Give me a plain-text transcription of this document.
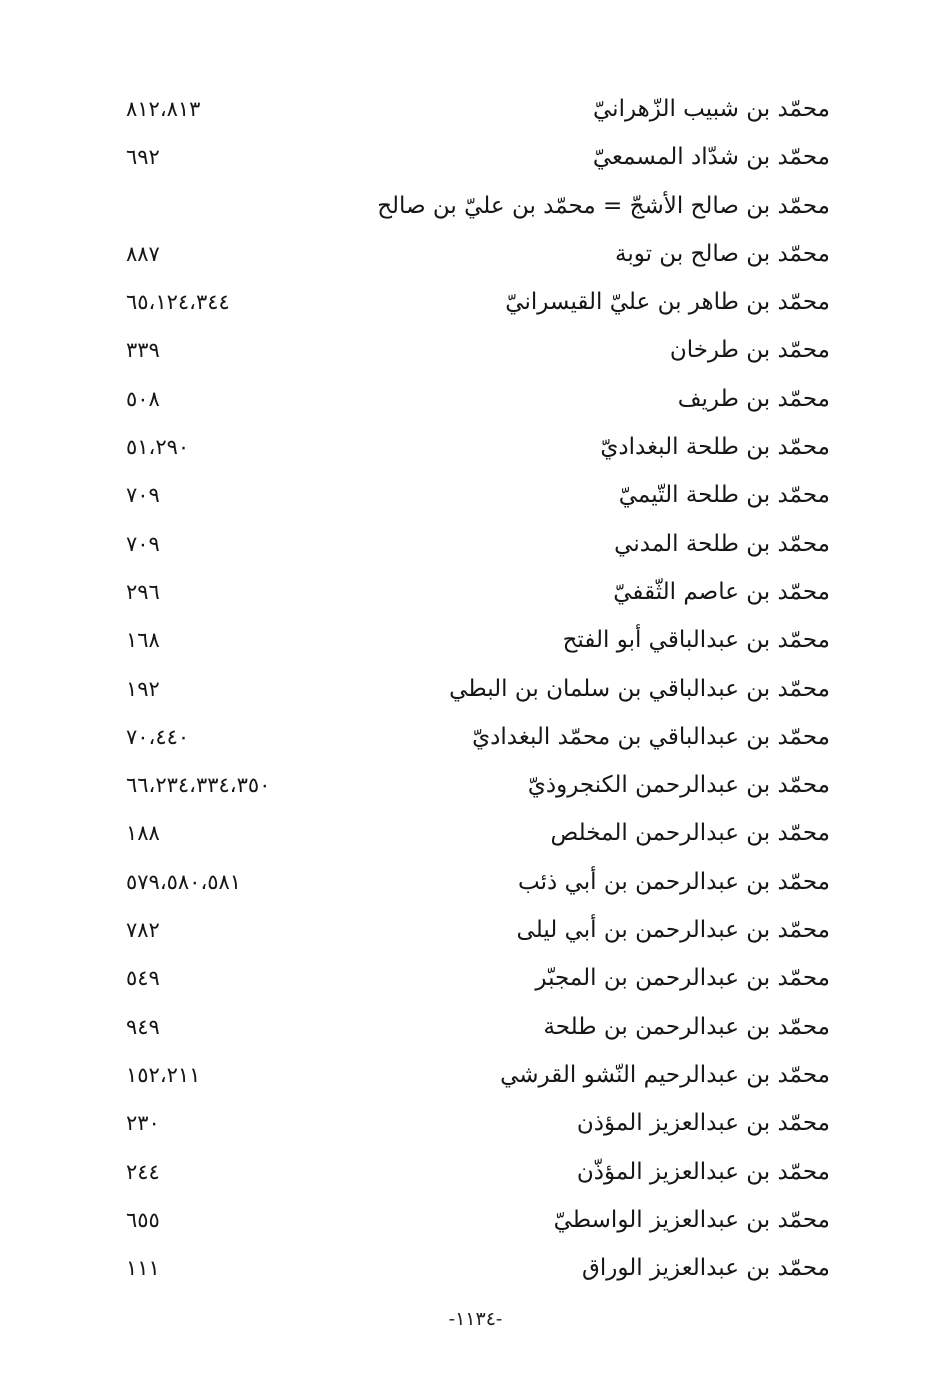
محمّد بن شبيب الزّهرانيّ
٨١٢،٨١٣
محمّد بن شدّاد المسمعيّ
٦٩٢
محمّد بن صالح الأشجّ = محمّد بن عليّ بن صالح
محمّد بن صالح بن توبة
٨٨٧
محمّد بن طاهر بن عليّ القيسرانيّ
٦٥،١٢٤،٣٤٤
محمّد بن طرخان
٣٣٩
محمّد بن طريف
٥٠٨
محمّد بن طلحة البغداديّ
٥١،٢٩٠
محمّد بن طلحة التّيميّ
٧٠٩
محمّد بن طلحة المدني
٧٠٩
محمّد بن عاصم الثّقفيّ
٢٩٦
محمّد بن عبدالباقي أبو الفتح
١٦٨
محمّد بن عبدالباقي بن سلمان بن البطي
١٩٢
محمّد بن عبدالباقي بن محمّد البغداديّ
٧٠،٤٤٠
محمّد بن عبدالرحمن الكنجروذيّ
٦٦،٢٣٤،٣٣٤،٣٥٠
محمّد بن عبدالرحمن المخلص
١٨٨
محمّد بن عبدالرحمن بن أبي ذئب
٥٧٩،٥٨٠،٥٨١
محمّد بن عبدالرحمن بن أبي ليلى
٧٨٢
محمّد بن عبدالرحمن بن المجبّر
٥٤٩
محمّد بن عبدالرحمن بن طلحة
٩٤٩
محمّد بن عبدالرحيم النّشو القرشي
١٥٢،٢١١
محمّد بن عبدالعزيز المؤذن
٢٣٠
محمّد بن عبدالعزيز المؤذّن
٢٤٤
محمّد بن عبدالعزيز الواسطيّ
٦٥٥
محمّد بن عبدالعزيز الوراق
١١١
-١١٣٤-
